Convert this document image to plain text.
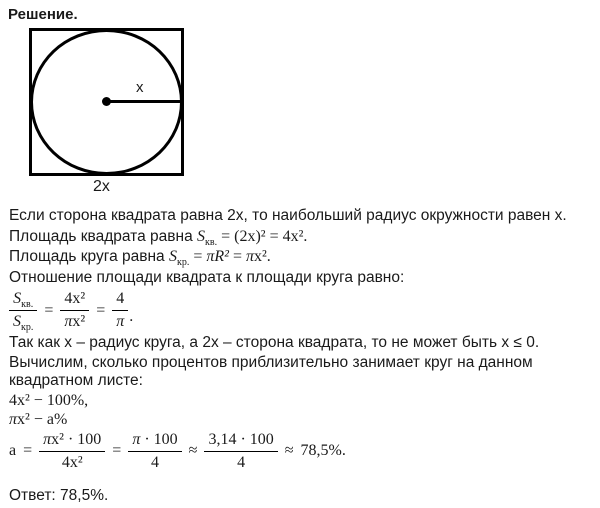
Решение.
x
2x
Если сторона квадрата равна 2x, то наибольший радиус окружности равен x.
Площадь квадрата равна $S_{кв.} = (2x)^2 = 4x^2$.
Площадь круга равна $S_{кр.} = \pi R^2 = \pi x^2$.
Отношение площади квадрата к площади круга равно:
$\frac{S_{кв.}}{S_{кр.}} = \frac{\text{4x²}}{\text{πx²}} = \frac{4}{\pi}$ .
Так как x – радиус круга, а 2x – сторона квадрата, то не может быть x ≤ 0.
Вычислим, сколько процентов приблизительно занимает круг на данном квадратном листе:
4x² − 100%,
πx² − a%
$a = \frac{\text{πx² · 100}}{\text{4x²}} = \frac{\pi \cdot 100}{4} \approx \frac{3,14 \cdot 100}{4} \approx 78,5\%$.
Ответ: 78,5%.
